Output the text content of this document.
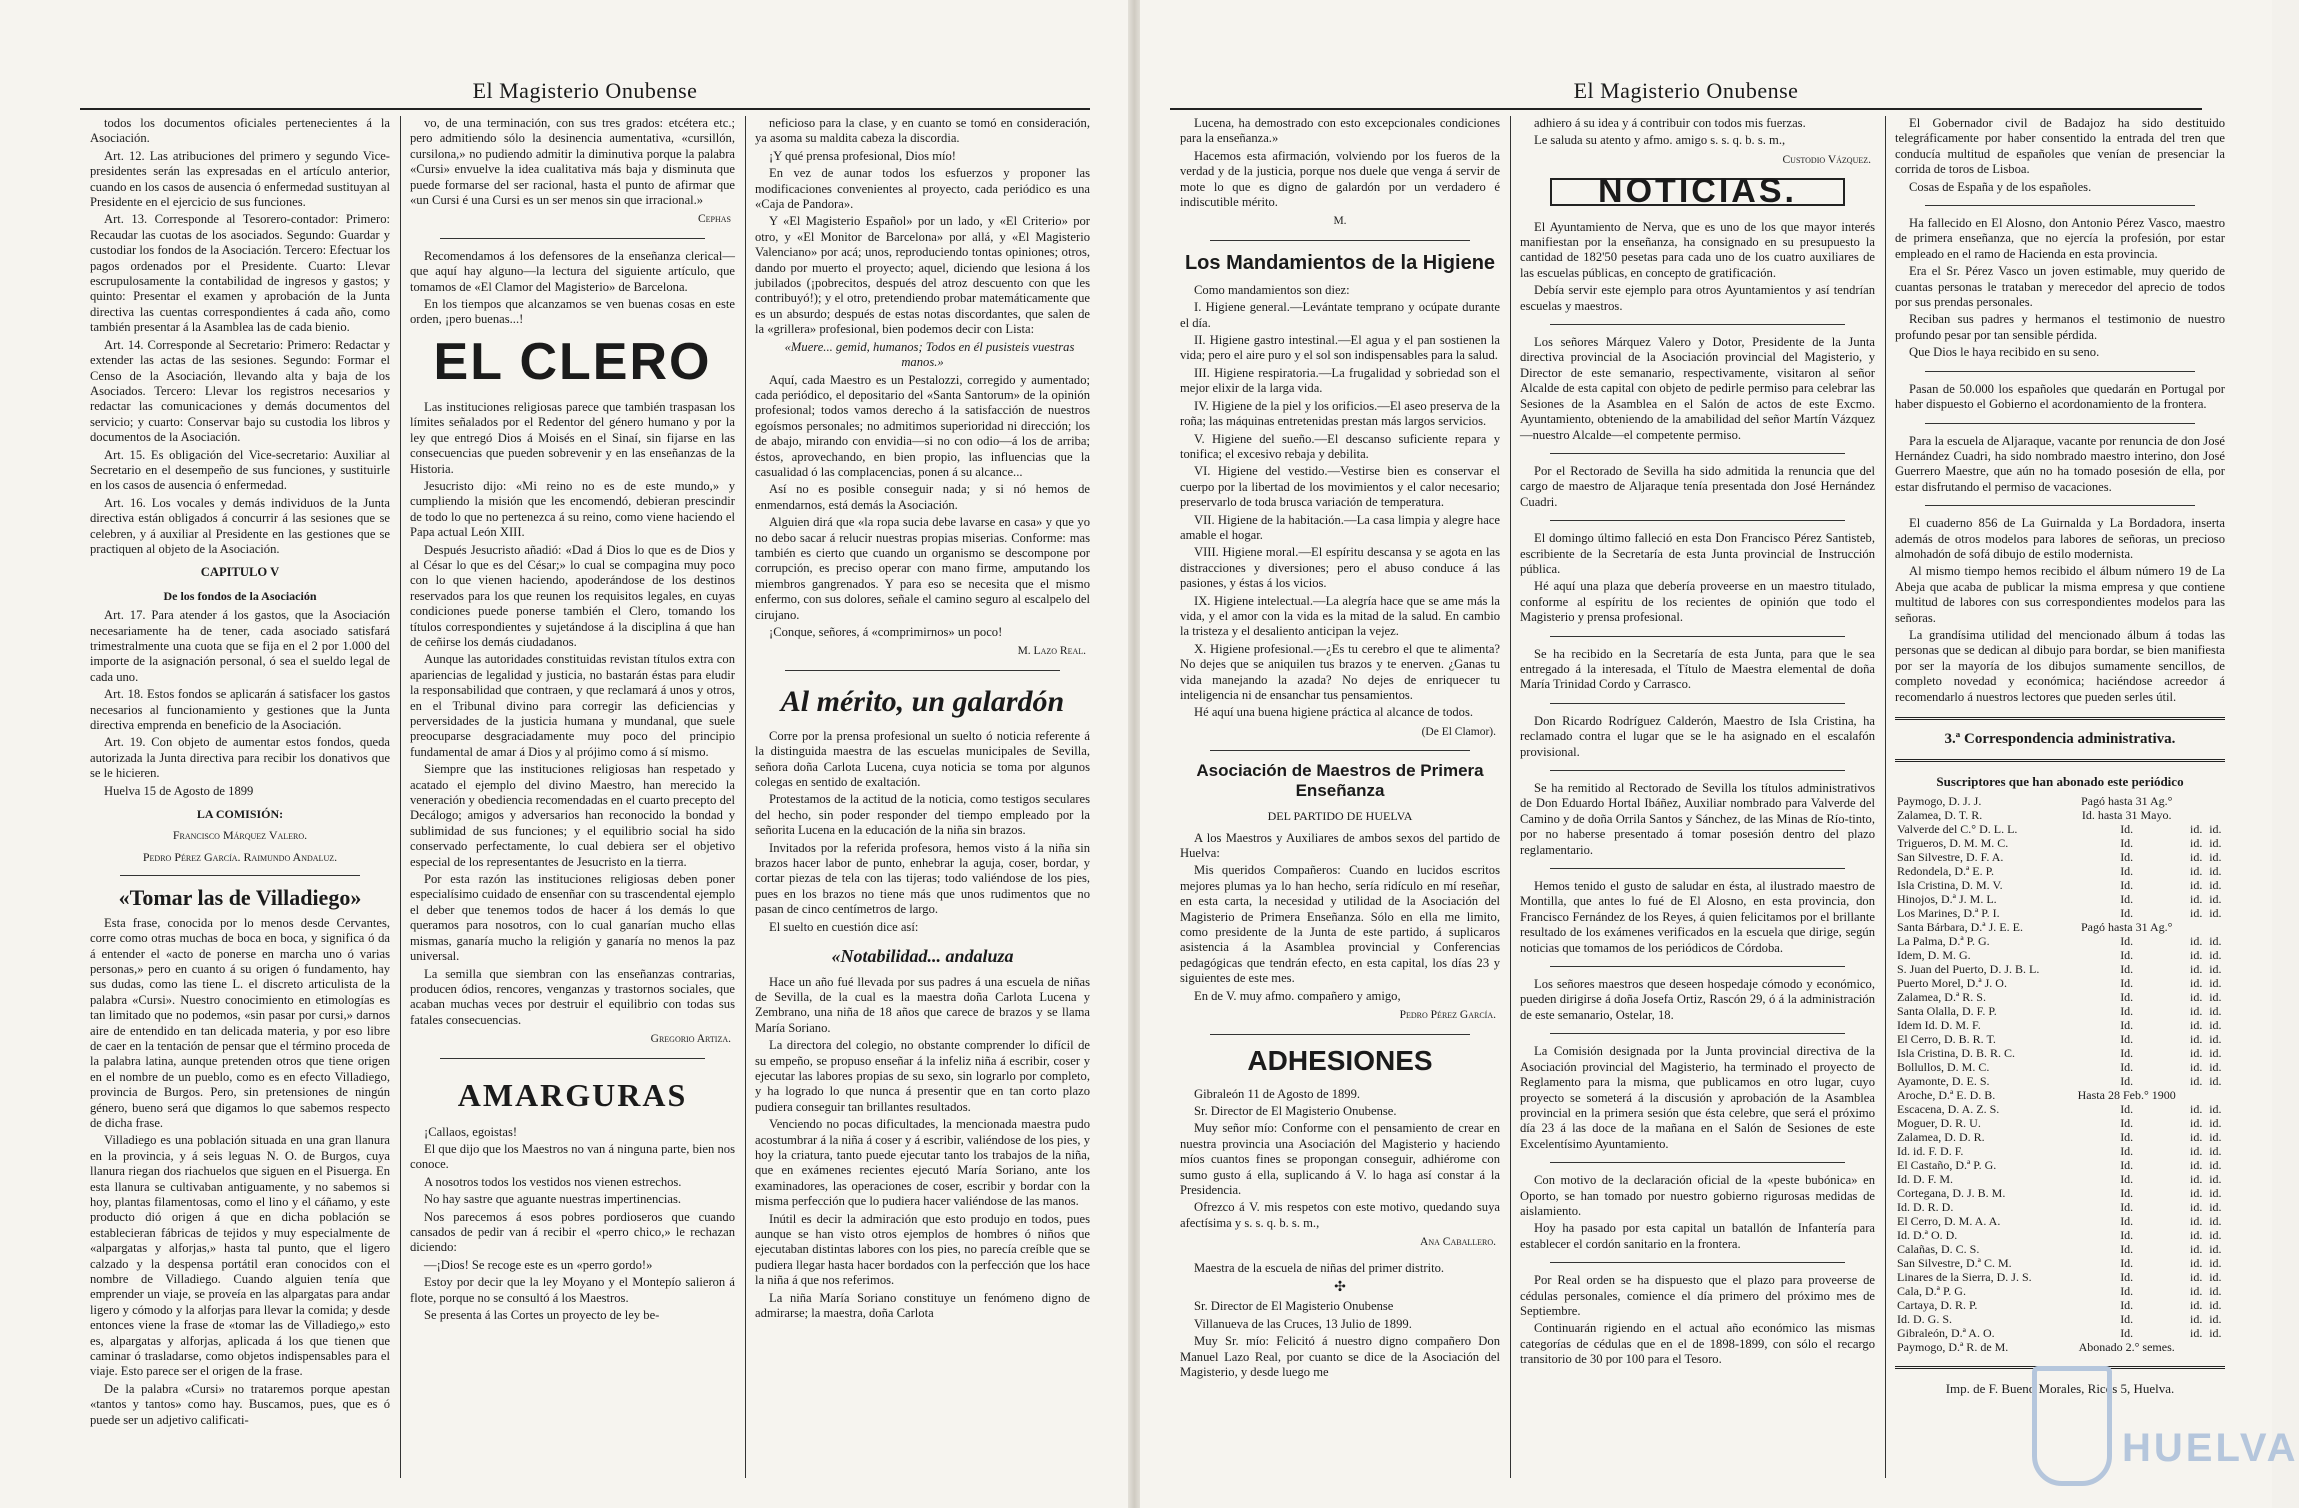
El Magisterio Onubense

todos los documentos oficiales pertenecientes á la Asociación.

Art. 12. Las atribuciones del primero y segundo Vice-presidentes serán las expresadas en el artículo anterior, cuando en los casos de ausencia ó enfermedad sustituyan al Presidente en el ejercicio de sus funciones.

Art. 13. Corresponde al Tesorero-contador: Primero: Recaudar las cuotas de los asociados. Segundo: Guardar y custodiar los fondos de la Asociación. Tercero: Efectuar los pagos ordenados por el Presidente. Cuarto: Llevar escrupulosamente la contabilidad de ingresos y gastos; y quinto: Presentar el examen y aprobación de la Junta directiva las cuentas correspondientes á cada año, como también presentar á la Asamblea las de cada bienio.

Art. 14. Corresponde al Secretario: Primero: Redactar y extender las actas de las sesiones. Segundo: Formar el Censo de la Asociación, llevando alta y baja de los Asociados. Tercero: Llevar los registros necesarios y redactar las comunicaciones y demás documentos del servicio; y cuarto: Conservar bajo su custodia los libros y documentos de la Asociación.

Art. 15. Es obligación del Vice-secretario: Auxiliar al Secretario en el desempeño de sus funciones, y sustituirle en los casos de ausencia ó enfermedad.

Art. 16. Los vocales y demás individuos de la Junta directiva están obligados á concurrir á las sesiones que se celebren, y á auxiliar al Presidente en las gestiones que se practiquen al objeto de la Asociación.

CAPITULO V
De los fondos de la Asociación

Art. 17. Para atender á los gastos, que la Asociación necesariamente ha de tener, cada asociado satisfará trimestralmente una cuota que se fija en el 2 por 1.000 del importe de la asignación personal, ó sea el sueldo legal de cada uno.

Art. 18. Estos fondos se aplicarán á satisfacer los gastos necesarios al funcionamiento y gestiones que la Junta directiva emprenda en beneficio de la Asociación.

Art. 19. Con objeto de aumentar estos fondos, queda autorizada la Junta directiva para recibir los donativos que se le hicieren.

Huelva 15 de Agosto de 1899

LA COMISIÓN:
Francisco Márquez Valero.
Pedro Pérez García. Raimundo Andaluz.
«Tomar las de Villadiego»

Esta frase, conocida por lo menos desde Cervantes, corre como otras muchas de boca en boca, y significa ó da á entender el «acto de ponerse en marcha uno ó varias personas,» pero en cuanto á su origen ó fundamento, hay sus dudas, como las tiene L. el discreto articulista de la palabra «Cursi». Nuestro conocimiento en etimologías es tan limitado que no podemos, «sin pasar por cursi,» darnos aire de entendido en tan delicada materia, y por eso libre de caer en la tentación de pensar que el término proceda de la palabra latina, aunque pretenden otros que tiene origen en el nombre de un pueblo, como es en efecto Villadiego, provincia de Burgos. Pero, sin pretensiones de ningún género, bueno será que digamos lo que sabemos respecto de dicha frase.

Villadiego es una población situada en una gran llanura en la provincia, y á seis leguas N. O. de Burgos, cuya llanura riegan dos riachuelos que siguen en el Pisuerga. En esta llanura se cultivaban antiguamente, y no sabemos si hoy, plantas filamentosas, como el lino y el cáñamo, y este producto dió origen á que en dicha población se establecieran fábricas de tejidos y muy especialmente de «alpargatas y alforjas,» hasta tal punto, que el ligero calzado y la despensa portátil eran conocidos con el nombre de Villadiego. Cuando alguien tenía que emprender un viaje, se proveía en las alpargatas para andar ligero y cómodo y la alforjas para llevar la comida; y desde entonces viene la frase de «tomar las de Villadiego,» esto es, alpargatas y alforjas, aplicada á los que tienen que caminar ó trasladarse, como objetos indispensables para el viaje. Esto parece ser el origen de la frase.

De la palabra «Cursi» no trataremos porque apestan «tantos y tantos» como hay. Buscamos, pues, que es ó puede ser un adjetivo calificati-

vo, de una terminación, con sus tres grados: etcétera etc.; pero admitiendo sólo la desinencia aumentativa, «cursillón, cursilona,» no pudiendo admitir la diminutiva porque la palabra «Cursi» envuelve la idea cualitativa más baja y disminuta que puede formarse del ser racional, hasta el punto de afirmar que «un Cursi é una Cursi es un ser menos sin que irracional.»

Cephas

Recomendamos á los defensores de la enseñanza clerical—que aquí hay alguno—la lectura del siguiente artículo, que tomamos de «El Clamor del Magisterio» de Barcelona.

En los tiempos que alcanzamos se ven buenas cosas en este orden, ¡pero buenas...!

EL CLERO

Las instituciones religiosas parece que también traspasan los límites señalados por el Redentor del género humano y por la ley que entregó Dios á Moisés en el Sinaí, sin fijarse en las consecuencias que pueden sobrevenir y en las enseñanzas de la Historia.

Jesucristo dijo: «Mi reino no es de este mundo,» y cumpliendo la misión que les encomendó, debieran prescindir de todo lo que no pertenezca á su reino, como viene haciendo el Papa actual León XIII.

Después Jesucristo añadió: «Dad á Dios lo que es de Dios y al César lo que es del César;» lo cual se compagina muy poco con lo que vienen haciendo, apoderándose de los destinos reservados para los que reunen los requisitos legales, en cuyas condiciones puede ponerse también el Clero, tomando los títulos correspondientes y sujetándose á la disciplina á que han de ceñirse los demás ciudadanos.

Aunque las autoridades constituidas revistan títulos extra con apariencias de legalidad y justicia, no bastarán éstas para eludir la responsabilidad que contraen, y que reclamará á unos y otros, en el Tribunal divino para corregir las deficiencias y perversidades de la justicia humana y mundanal, que suele preocuparse desgraciadamente muy poco del principio fundamental de amar á Dios y al prójimo como á sí mismo.

Siempre que las instituciones religiosas han respetado y acatado el ejemplo del divino Maestro, han merecido la veneración y obediencia recomendadas en el cuarto precepto del Decálogo; amigos y adversarios han reconocido la bondad y sublimidad de sus funciones; y el equilibrio social ha sido conservado perfectamente, lo cual debiera ser el objetivo especial de los representantes de Jesucristo en la tierra.

Por esta razón las instituciones religiosas deben poner especialísimo cuidado de ensenñar con su trascendental ejemplo el deber que tenemos todos de hacer á los demás lo que queramos para nosotros, con lo cual ganarían mucho ellas mismas, ganaría mucho la religión y ganaría no menos la paz universal.

La semilla que siembran con las enseñanzas contrarias, producen ódios, rencores, venganzas y trastornos sociales, que acaban muchas veces por destruir el equilibrio con todas sus fatales consecuencias.

Gregorio Artiza.
AMARGURAS

¡Callaos, egoistas!

El que dijo que los Maestros no van á ninguna parte, bien nos conoce.

A nosotros todos los vestidos nos vienen estrechos.

No hay sastre que aguante nuestras impertinencias.

Nos parecemos á esos pobres pordioseros que cuando cansados de pedir van á recibir el «perro chico,» le rechazan diciendo:

—¡Dios! Se recoge este es un «perro gordo!»

Estoy por decir que la ley Moyano y el Montepío salieron á flote, porque no se consultó á los Maestros.

Se presenta á las Cortes un proyecto de ley be-

neficioso para la clase, y en cuanto se tomó en consideración, ya asoma su maldita cabeza la discordia.

¡Y qué prensa profesional, Dios mío!

En vez de aunar todos los esfuerzos y proponer las modificaciones convenientes al proyecto, cada periódico es una «Caja de Pandora».

Y «El Magisterio Español» por un lado, y «El Criterio» por otro, y «El Monitor de Barcelona» por allá, y «El Magisterio Valenciano» por acá; unos, reproduciendo tontas opiniones; otros, dando por muerto el proyecto; aquel, diciendo que lesiona á los jubilados (¡pobrecitos, después del atroz descuento con que les contribuyó!); y el otro, pretendiendo probar matemáticamente que es un absurdo; después de estas notas discordantes, que salen de la «grillera» profesional, bien podemos decir con Lista:

«Muere... gemid, humanos; Todos en él pusisteis vuestras manos.»

Aquí, cada Maestro es un Pestalozzi, corregido y aumentado; cada periódico, el depositario del «Santa Santorum» de la opinión profesional; todos vamos derecho á la satisfacción de nuestros egoísmos personales; no admitimos superioridad ni dirección; los de abajo, mirando con envidia—si no con odio—á los de arriba; éstos, aprovechando, en bien propio, las influencias que la casualidad ó las complacencias, ponen á su alcance...

Así no es posible conseguir nada; y si nó hemos de enmendarnos, está demás la Asociación.

Alguien dirá que «la ropa sucia debe lavarse en casa» y que yo no debo sacar á relucir nuestras propias miserias. Conforme: mas también es cierto que cuando un organismo se descompone por corrupción, es preciso operar con mano firme, amputando los miembros gangrenados. Y para eso se necesita que el mismo enfermo, con sus dolores, señale el camino seguro al escalpelo del cirujano.

¡Conque, señores, á «comprimirnos» un poco!

M. Lazo Real.
Al mérito, un galardón

Corre por la prensa profesional un suelto ó noticia referente á la distinguida maestra de las escuelas municipales de Sevilla, señora doña Carlota Lucena, cuya noticia se toma por algunos colegas en sentido de exaltación.

Protestamos de la actitud de la noticia, como testigos seculares del hecho, sin poder responder del tiempo empleado por la señorita Lucena en la educación de la niña sin brazos.

Invitados por la referida profesora, hemos visto á la niña sin brazos hacer labor de punto, enhebrar la aguja, coser, bordar, y cortar piezas de tela con las tijeras; todo valiéndose de los pies, pues en los brazos no tiene más que unos rudimentos que no pasan de cinco centímetros de largo.

El suelto en cuestión dice así:

«Notabilidad... andaluza

Hace un año fué llevada por sus padres á una escuela de niñas de Sevilla, de la cual es la maestra doña Carlota Lucena y Zembrano, una niña de 18 años que carece de brazos y se llama María Soriano.

La directora del colegio, no obstante comprender lo difícil de su empeño, se propuso enseñar á la infeliz niña á escribir, coser y ejecutar las labores propias de su sexo, sin lograrlo por completo, y ha logrado lo que nunca á presentir que en tan corto plazo pudiera conseguir tan brillantes resultados.

Venciendo no pocas dificultades, la mencionada maestra pudo acostumbrar á la niña á coser y á escribir, valiéndose de los pies, y hoy la criatura, tanto puede ejecutar tanto los trabajos de la niña, que en exámenes recientes ejecutó María Soriano, ante los examinadores, las operaciones de coser, escribir y bordar con la misma perfección que lo pudiera hacer valiéndose de las manos.

Inútil es decir la admiración que esto produjo en todos, pues aunque se han visto otros ejemplos de hombres ó niños que ejecutaban distintas labores con los pies, no parecía creíble que se pudiera llegar hasta hacer bordados con la perfección que los hace la niña á que nos referimos.

La niña María Soriano constituye un fenómeno digno de admirarse; la maestra, doña Carlota

El Magisterio Onubense

Lucena, ha demostrado con esto excepcionales condiciones para la enseñanza.»

Hacemos esta afirmación, volviendo por los fueros de la verdad y de la justicia, porque nos duele que venga á servir de mote lo que es digno de galardón por un verdadero é indiscutible mérito.

M.
Los Mandamientos de la Higiene

Como mandamientos son diez:

I. Higiene general.—Levántate temprano y ocúpate durante el día.

II. Higiene gastro intestinal.—El agua y el pan sostienen la vida; pero el aire puro y el sol son indispensables para la salud.

III. Higiene respiratoria.—La frugalidad y sobriedad son el mejor elixir de la larga vida.

IV. Higiene de la piel y los orificios.—El aseo preserva de la roña; las máquinas entretenidas prestan más largos servicios.

V. Higiene del sueño.—El descanso suficiente repara y tonifica; el excesivo rebaja y debilita.

VI. Higiene del vestido.—Vestirse bien es conservar el cuerpo por la libertad de los movimientos y el calor necesario; preservarlo de toda brusca variación de temperatura.

VII. Higiene de la habitación.—La casa limpia y alegre hace amable el hogar.

VIII. Higiene moral.—El espíritu descansa y se agota en las distracciones y diversiones; pero el abuso conduce á las pasiones, y éstas á los vicios.

IX. Higiene intelectual.—La alegría hace que se ame más la vida, y el amor con la vida es la mitad de la salud. En cambio la tristeza y el desaliento anticipan la vejez.

X. Higiene profesional.—¿Es tu cerebro el que te alimenta? No dejes que se aniquilen tus brazos y te enerven. ¿Ganas tu vida manejando la azada? No dejes de enriquecer tu inteligencia ni de ensanchar tus pensamientos.

Hé aquí una buena higiene práctica al alcance de todos.

(De El Clamor).
Asociación de Maestros de Primera Enseñanza
DEL PARTIDO DE HUELVA

A los Maestros y Auxiliares de ambos sexos del partido de Huelva:

Mis queridos Compañeros: Cuando en lucidos escritos mejores plumas ya lo han hecho, sería ridículo en mí reseñar, en esta carta, la necesidad y utilidad de la Asociación del Magisterio de Primera Enseñanza. Sólo en ella me limito, como presidente de la Junta de este partido, á suplicaros asistencia á la Asamblea provincial y Conferencias pedagógicas que tendrán efecto, en esta capital, los días 23 y siguientes de este mes.

En de V. muy afmo. compañero y amigo,

Pedro Pérez García.
ADHESIONES

Gibraleón 11 de Agosto de 1899.

Sr. Director de El Magisterio Onubense.

Muy señor mío: Conforme con el pensamiento de crear en nuestra provincia una Asociación del Magisterio y haciendo míos cuantos fines se propongan conseguir, adhiérome con sumo gusto á ella, suplicando á V. lo haga así constar á la Presidencia.

Ofrezco á V. mis respetos con este motivo, quedando suya afectísima y s. s. q. b. s. m.,

Ana Caballero.

Maestra de la escuela de niñas del primer distrito.

✣

Sr. Director de El Magisterio Onubense

Villanueva de las Cruces, 13 Julio de 1899.

Muy Sr. mío: Felicitó á nuestro digno compañero Don Manuel Lazo Real, por cuanto se dice de la Asociación del Magisterio, y desde luego me

adhiero á su idea y á contribuir con todos mis fuerzas.

Le saluda su atento y afmo. amigo s. s. q. b. s. m.,

Custodio Vázquez.
NOTICIAS.

El Ayuntamiento de Nerva, que es uno de los que mayor interés manifiestan por la enseñanza, ha consignado en su presupuesto la cantidad de 182'50 pesetas para cada uno de los cuatro auxiliares de las escuelas públicas, en concepto de gratificación.

Debía servir este ejemplo para otros Ayuntamientos y así tendrían escuelas y maestros.

Los señores Márquez Valero y Dotor, Presidente de la Junta directiva provincial de la Asociación provincial del Magisterio, y Director de este semanario, respectivamente, visitaron al señor Alcalde de esta capital con objeto de pedirle permiso para celebrar las Sesiones de la Asamblea en el Salón de actos de este Excmo. Ayuntamiento, obteniendo de la amabilidad del señor Martín Vázquez—nuestro Alcalde—el competente permiso.

Por el Rectorado de Sevilla ha sido admitida la renuncia que del cargo de maestro de Aljaraque tenía presentada don José Hernández Cuadri.

El domingo último falleció en esta Don Francisco Pérez Santisteb, escribiente de la Secretaría de esta Junta provincial de Instrucción pública.

Hé aquí una plaza que debería proveerse en un maestro titulado, conforme al espíritu de los recientes de opinión que todo el Magisterio y prensa profesional.

Se ha recibido en la Secretaría de esta Junta, para que le sea entregado á la interesada, el Título de Maestra elemental de doña María Trinidad Cordo y Carrasco.

Don Ricardo Rodríguez Calderón, Maestro de Isla Cristina, ha reclamado contra el lugar que se le ha asignado en el escalafón provisional.

Se ha remitido al Rectorado de Sevilla los títulos administrativos de Don Eduardo Hortal Ibáñez, Auxiliar nombrado para Valverde del Camino y de doña Orrila Santos y Sánchez, de las Minas de Río-tinto, por no haberse presentado á tomar posesión dentro del plazo reglamentario.

Hemos tenido el gusto de saludar en ésta, al ilustrado maestro de Montilla, que antes lo fué de El Alosno, en esta provincia, don Francisco Fernández de los Reyes, á quien felicitamos por el brillante resultado de los exámenes verificados en la escuela que dirige, según noticias que tomamos de los periódicos de Córdoba.

Los señores maestros que deseen hospedaje cómodo y económico, pueden dirigirse á doña Josefa Ortiz, Rascón 29, ó á la administración de este semanario, Ostelar, 18.

La Comisión designada por la Junta provincial directiva de la Asociación provincial del Magisterio, ha terminado el proyecto de Reglamento para la misma, que publicamos en otro lugar, cuyo proyecto se someterá á la discusión y aprobación de la Asamblea provincial en la primera sesión que ésta celebre, que será el próximo día 23 á las doce de la mañana en el Salón de Sesiones de este Excelentísimo Ayuntamiento.

Con motivo de la declaración oficial de la «peste bubónica» en Oporto, se han tomado por nuestro gobierno rigurosas medidas de aislamiento.

Hoy ha pasado por esta capital un batallón de Infantería para establecer el cordón sanitario en la frontera.

Por Real orden se ha dispuesto que el plazo para proveerse de cédulas personales, comience el día primero del próximo mes de Septiembre.

Continuarán rigiendo en el actual año económico las mismas categorías de cédulas que en el de 1898-1899, con sólo el recargo transitorio de 30 por 100 para el Tesoro.

El Gobernador civil de Badajoz ha sido destituido telegráficamente por haber consentido la entrada del tren que conducía multitud de españoles que venían de presenciar la corrida de toros de Lisboa.

Cosas de España y de los españoles.

Ha fallecido en El Alosno, don Antonio Pérez Vasco, maestro de primera enseñanza, que no ejercía la profesión, por estar empleado en el ramo de Hacienda en esta provincia.

Era el Sr. Pérez Vasco un joven estimable, muy querido de cuantas personas le trataban y merecedor del aprecio de todos por sus prendas personales.

Reciban sus padres y hermanos el testimonio de nuestro profundo pesar por tan sensible pérdida.

Que Dios le haya recibido en su seno.

Pasan de 50.000 los españoles que quedarán en Portugal por haber dispuesto el Gobierno el acordonamiento de la frontera.

Para la escuela de Aljaraque, vacante por renuncia de don José Hernández Cuadri, ha sido nombrado maestro interino, don José Guerrero Maestre, que aún no ha tomado posesión de ella, por estar disfrutando el permiso de vacaciones.

El cuaderno 856 de La Guirnalda y La Bordadora, inserta además de otros modelos para labores de señoras, un precioso almohadón de sofá dibujo de estilo modernista.

Al mismo tiempo hemos recibido el álbum número 19 de La Abeja que acaba de publicar la misma empresa y que contiene multitud de labores con sus correspondientes modelos para las señoras.

La grandísima utilidad del mencionado álbum á todas las personas que se dedican al dibujo para bordar, se bien manifiesta por ser la mayoría de los dibujos sumamente sencillos, de completo novedad y económica; haciéndose acreedor á recomendarlo á nuestros lectores que pueden serles útil.

3.ª Correspondencia administrativa.
Suscriptores que han abonado este periódico
Paymogo, D. J. J.	Pagó hasta 31 Ag.°		
Zalamea, D. T. R.	Id. hasta 31 Mayo.		
Valverde del C.° D. L. L.	Id.	id.	id.
Trigueros, D. M. M. C.	Id.	id.	id.
San Silvestre, D. F. A.	Id.	id.	id.
Redondela, D.ª E. P.	Id.	id.	id.
Isla Cristina, D. M. V.	Id.	id.	id.
Hinojos, D.ª J. M. L.	Id.	id.	id.
Los Marines, D.ª P. I.	Id.	id.	id.
Santa Bárbara, D.ª J. E. E.	Pagó hasta 31 Ag.°		
La Palma, D.ª P. G.	Id.	id.	id.
Idem, D. M. G.	Id.	id.	id.
S. Juan del Puerto, D. J. B. L.	Id.	id.	id.
Puerto Morel, D.ª J. O.	Id.	id.	id.
Zalamea, D.ª R. S.	Id.	id.	id.
Santa Olalla, D. F. P.	Id.	id.	id.
Idem Id. D. M. F.	Id.	id.	id.
El Cerro, D. B. R. T.	Id.	id.	id.
Isla Cristina, D. B. R. C.	Id.	id.	id.
Bollullos, D. M. C.	Id.	id.	id.
Ayamonte, D. E. S.	Id.	id.	id.
Aroche, D.ª E. D. B.	Hasta 28 Feb.° 1900		
Escacena, D. A. Z. S.	Id.	id.	id.
Moguer, D. R. U.	Id.	id.	id.
Zalamea, D. D. R.	Id.	id.	id.
Id. id. F. D. F.	Id.	id.	id.
El Castaño, D.ª P. G.	Id.	id.	id.
Id. D. F. M.	Id.	id.	id.
Cortegana, D. J. B. M.	Id.	id.	id.
Id. D. R. D.	Id.	id.	id.
El Cerro, D. M. A. A.	Id.	id.	id.
Id. D.ª O. D.	Id.	id.	id.
Calañas, D. C. S.	Id.	id.	id.
San Silvestre, D.ª C. M.	Id.	id.	id.
Linares de la Sierra, D. J. S.	Id.	id.	id.
Cala, D.ª P. G.	Id.	id.	id.
Cartaya, D. R. P.	Id.	id.	id.
Id. D. G. S.	Id.	id.	id.
Gibraleón, D.ª A. O.	Id.	id.	id.
Paymogo, D.ª R. de M.	Abonado 2.° semes.		
Imp. de F. Bueno Morales, Ricos 5, Huelva.
HUELVA
